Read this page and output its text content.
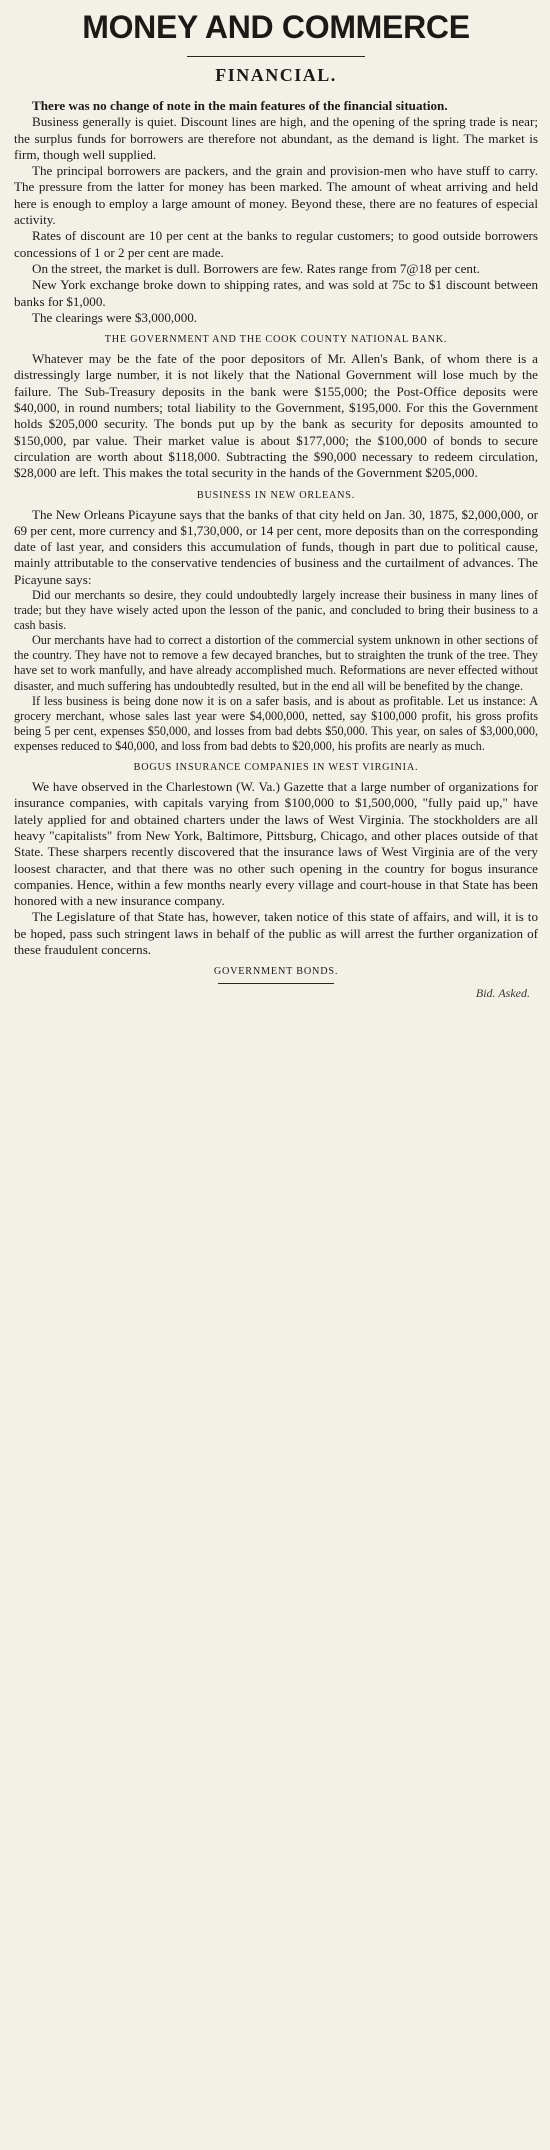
MONEY AND COMMERCE
FINANCIAL.

There was no change of note in the main features of the financial situation.

Business generally is quiet. Discount lines are high, and the opening of the spring trade is near; the surplus funds for borrowers are therefore not abundant, as the demand is light. The market is firm, though well supplied.

The principal borrowers are packers, and the grain and provision-men who have stuff to carry. The pressure from the latter for money has been marked. The amount of wheat arriving and held here is enough to employ a large amount of money. Beyond these, there are no features of especial activity.

Rates of discount are 10 per cent at the banks to regular customers; to good outside borrowers concessions of 1 or 2 per cent are made.

On the street, the market is dull. Borrowers are few. Rates range from 7@18 per cent.

New York exchange broke down to shipping rates, and was sold at 75c to $1 discount between banks for $1,000.

The clearings were $3,000,000.

THE GOVERNMENT AND THE COOK COUNTY NATIONAL BANK.

Whatever may be the fate of the poor depositors of Mr. Allen's Bank, of whom there is a distressingly large number, it is not likely that the National Government will lose much by the failure. The Sub-Treasury deposits in the bank were $155,000; the Post-Office deposits were $40,000, in round numbers; total liability to the Government, $195,000. For this the Government holds $205,000 security. The bonds put up by the bank as security for deposits amounted to $150,000, par value. Their market value is about $177,000; the $100,000 of bonds to secure circulation are worth about $118,000. Subtracting the $90,000 necessary to redeem circulation, $28,000 are left. This makes the total security in the hands of the Government $205,000.

BUSINESS IN NEW ORLEANS.

The New Orleans Picayune says that the banks of that city held on Jan. 30, 1875, $2,000,000, or 69 per cent, more currency and $1,730,000, or 14 per cent, more deposits than on the corresponding date of last year, and considers this accumulation of funds, though in part due to political cause, mainly attributable to the conservative tendencies of business and the curtailment of advances. The Picayune says:

Did our merchants so desire, they could undoubtedly largely increase their business in many lines of trade; but they have wisely acted upon the lesson of the panic, and concluded to bring their business to a cash basis.

Our merchants have had to correct a distortion of the commercial system unknown in other sections of the country. They have not to remove a few decayed branches, but to straighten the trunk of the tree. They have set to work manfully, and have already accomplished much. Reformations are never effected without disaster, and much suffering has undoubtedly resulted, but in the end all will be benefited by the change.

If less business is being done now it is on a safer basis, and is about as profitable. Let us instance: A grocery merchant, whose sales last year were $4,000,000, netted, say $100,000 profit, his gross profits being 5 per cent, expenses $50,000, and losses from bad debts $50,000. This year, on sales of $3,000,000, expenses reduced to $40,000, and loss from bad debts to $20,000, his profits are nearly as much.

BOGUS INSURANCE COMPANIES IN WEST VIRGINIA.

We have observed in the Charlestown (W. Va.) Gazette that a large number of organizations for insurance companies, with capitals varying from $100,000 to $1,500,000, "fully paid up," have lately applied for and obtained charters under the laws of West Virginia. The stockholders are all heavy "capitalists" from New York, Baltimore, Pittsburg, Chicago, and other places outside of that State. These sharpers recently discovered that the insurance laws of West Virginia are of the very loosest character, and that there was no other such opening in the country for bogus insurance companies. Hence, within a few months nearly every village and court-house in that State has been honored with a new insurance company.

The Legislature of that State has, however, taken notice of this state of affairs, and will, it is to be hoped, pass such stringent laws in behalf of the public as will arrest the further organization of these fraudulent concerns.

GOVERNMENT BONDS.
Bid. Asked.
